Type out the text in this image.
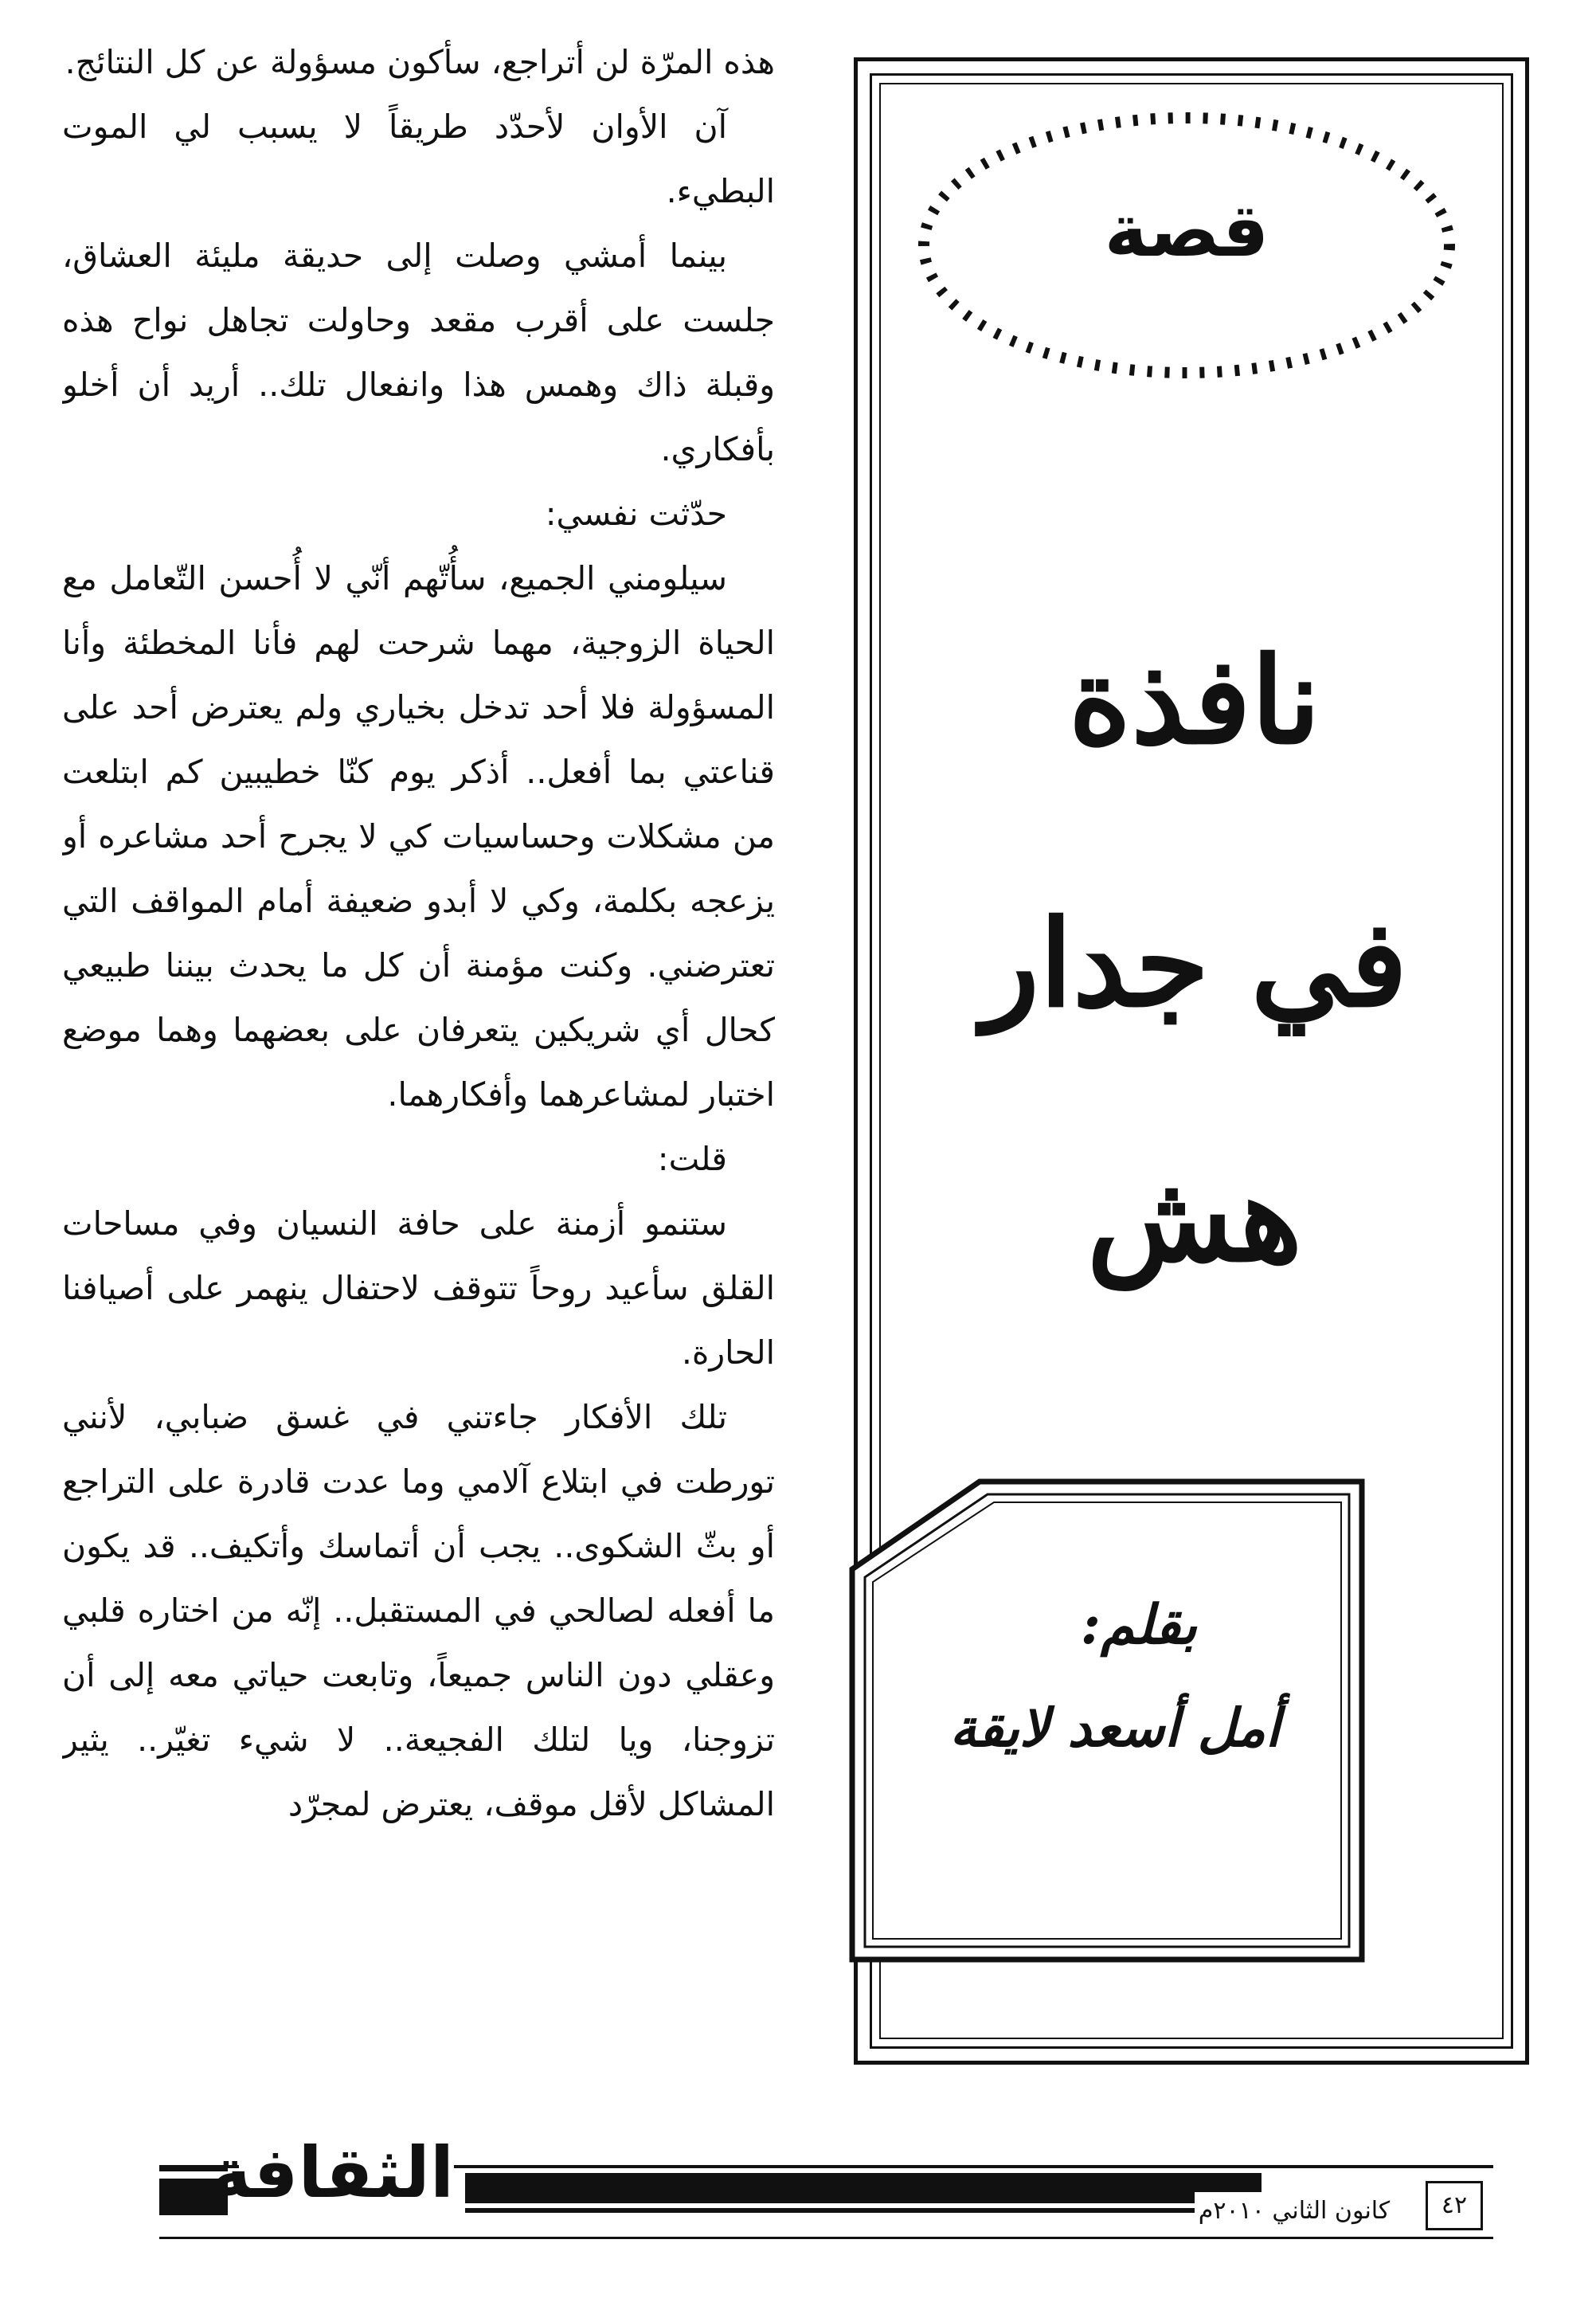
هذه المرّة لن أتراجع، سأكون مسؤولة عن كل النتائج.

آن الأوان لأحدّد طريقاً لا يسبب لي الموت البطيء.

بينما أمشي وصلت إلى حديقة مليئة العشاق، جلست على أقرب مقعد وحاولت تجاهل نواح هذه وقبلة ذاك وهمس هذا وانفعال تلك.. أريد أن أخلو بأفكاري.

حدّثت نفسي:

سيلومني الجميع، سأُتّهم أنّي لا أُحسن التّعامل مع الحياة الزوجية، مهما شرحت لهم فأنا المخطئة وأنا المسؤولة فلا أحد تدخل بخياري ولم يعترض أحد على قناعتي بما أفعل.. أذكر يوم كنّا خطيبين كم ابتلعت من مشكلات وحساسيات كي لا يجرح أحد مشاعره أو يزعجه بكلمة، وكي لا أبدو ضعيفة أمام المواقف التي تعترضني. وكنت مؤمنة أن كل ما يحدث بيننا طبيعي كحال أي شريكين يتعرفان على بعضهما وهما موضع اختبار لمشاعرهما وأفكارهما.

قلت:

ستنمو أزمنة على حافة النسيان وفي مساحات القلق سأعيد روحاً تتوقف لاحتفال ينهمر على أصيافنا الحارة.

تلك الأفكار جاءتني في غسق ضبابي، لأنني تورطت في ابتلاع آلامي وما عدت قادرة على التراجع أو بثّ الشكوى.. يجب أن أتماسك وأتكيف.. قد يكون ما أفعله لصالحي في المستقبل.. إنّه من اختاره قلبي وعقلي دون الناس جميعاً، وتابعت حياتي معه إلى أن تزوجنا، ويا لتلك الفجيعة.. لا شيء تغيّر.. يثير المشاكل لأقل موقف، يعترض لمجرّد

قصة
نافذة
في جدار
هش
بقلم:
أمل أسعد لايقة
الثقافة	كانون الثاني ٢٠١٠م	٤٢
